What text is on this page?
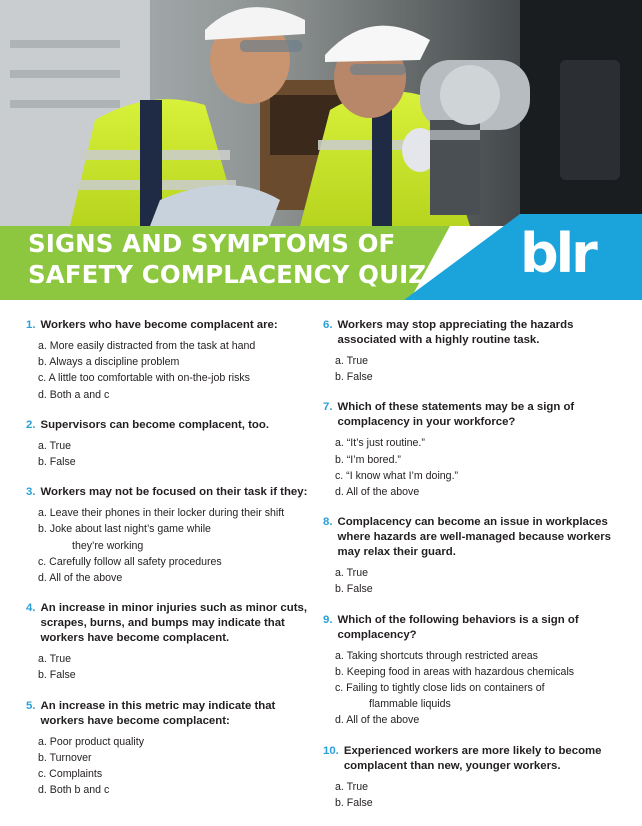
SIGNS AND SYMPTOMS OF
SAFETY COMPLACENCY QUIZ	blr
1. Workers who have become complacent are:
a. More easily distracted from the task at hand
b. Always a discipline problem
c. A little too comfortable with on-the-job risks
d. Both a and c
2. Supervisors can become complacent, too.
a. True
b. False
3. Workers may not be focused on their task if they:
a. Leave their phones in their locker during their shift
b. Joke about last night’s game while
they’re working
c. Carefully follow all safety procedures
d. All of the above
4. An increase in minor injuries such as minor cuts, scrapes, burns, and bumps may indicate that workers have become complacent.
a. True
b. False
5. An increase in this metric may indicate that workers have become complacent:
a. Poor product quality
b. Turnover
c. Complaints
d. Both b and c
6. Workers may stop appreciating the hazards associated with a highly routine task.
a. True
b. False
7. Which of these statements may be a sign of complacency in your workforce?
a. “It’s just routine.”
b. “I’m bored.”
c. “I know what I’m doing.”
d. All of the above
8. Complacency can become an issue in workplaces where hazards are well-managed because workers may relax their guard.
a. True
b. False
9. Which of the following behaviors is a sign of complacency?
a. Taking shortcuts through restricted areas
b. Keeping food in areas with hazardous chemicals
c. Failing to tightly close lids on containers of
flammable liquids
d. All of the above
10. Experienced workers are more likely to become complacent than new, younger workers.
a. True
b. False
